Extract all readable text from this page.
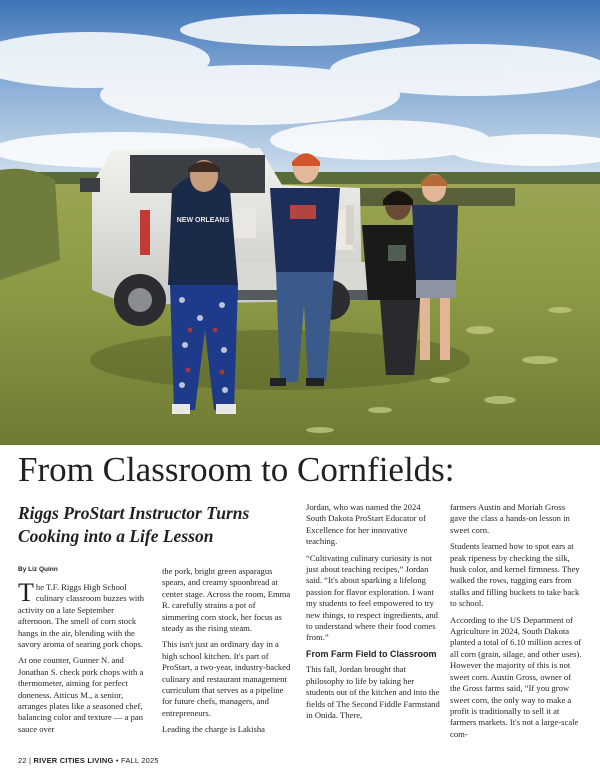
NEW ORLEANS
From Classroom to Cornfields:
Riggs ProStart Instructor Turns Cooking into a Life Lesson
By Liz Quinn

The T.F. Riggs High School culinary classroom buzzes with activity on a late September afternoon. The smell of corn stock hangs in the air, blending with the savory aroma of searing pork chops.

At one counter, Gunner N. and Jonathan S. check pork chops with a thermometer, aiming for perfect doneness. Atticus M., a senior, arranges plates like a seasoned chef, balancing color and texture — a pan sauce over

the pork, bright green asparagus spears, and creamy spoonbread at center stage. Across the room, Emma R. carefully strains a pot of simmering corn stock, her focus as steady as the rising steam.

This isn't just an ordinary day in a high school kitchen. It's part of ProStart, a two-year, industry-backed culinary and restaurant management curriculum that serves as a pipeline for future chefs, managers, and entrepreneurs.

Leading the charge is Lakisha

Jordan, who was named the 2024 South Dakota ProStart Educator of Excellence for her innovative teaching.

“Cultivating culinary curiosity is not just about teaching recipes,” Jordan said. “It's about sparking a lifelong passion for flavor exploration. I want my students to feel empowered to try new things, to respect ingredients, and to understand where their food comes from.”

From Farm Field to Classroom

This fall, Jordan brought that philosophy to life by taking her students out of the kitchen and into the fields of The Second Fiddle Farmstand in Onida. There,

farmers Austin and Moriah Gross gave the class a hands-on lesson in sweet corn.

Students learned how to spot ears at peak ripeness by checking the silk, husk color, and kernel firmness. They walked the rows, tugging ears from stalks and filling buckets to take back to school.

According to the US Department of Agriculture in 2024, South Dakota planted a total of 6.10 million acres of all corn (grain, silage, and other uses). However the majority of this is not sweet corn. Austin Gross, owner of the Gross farms said, “If you grow sweet corn, the only way to make a profit is traditionally to sell it at farmers markets. It's not a large-scale com-

22 | RIVER CITIES LIVING • FALL 2025
